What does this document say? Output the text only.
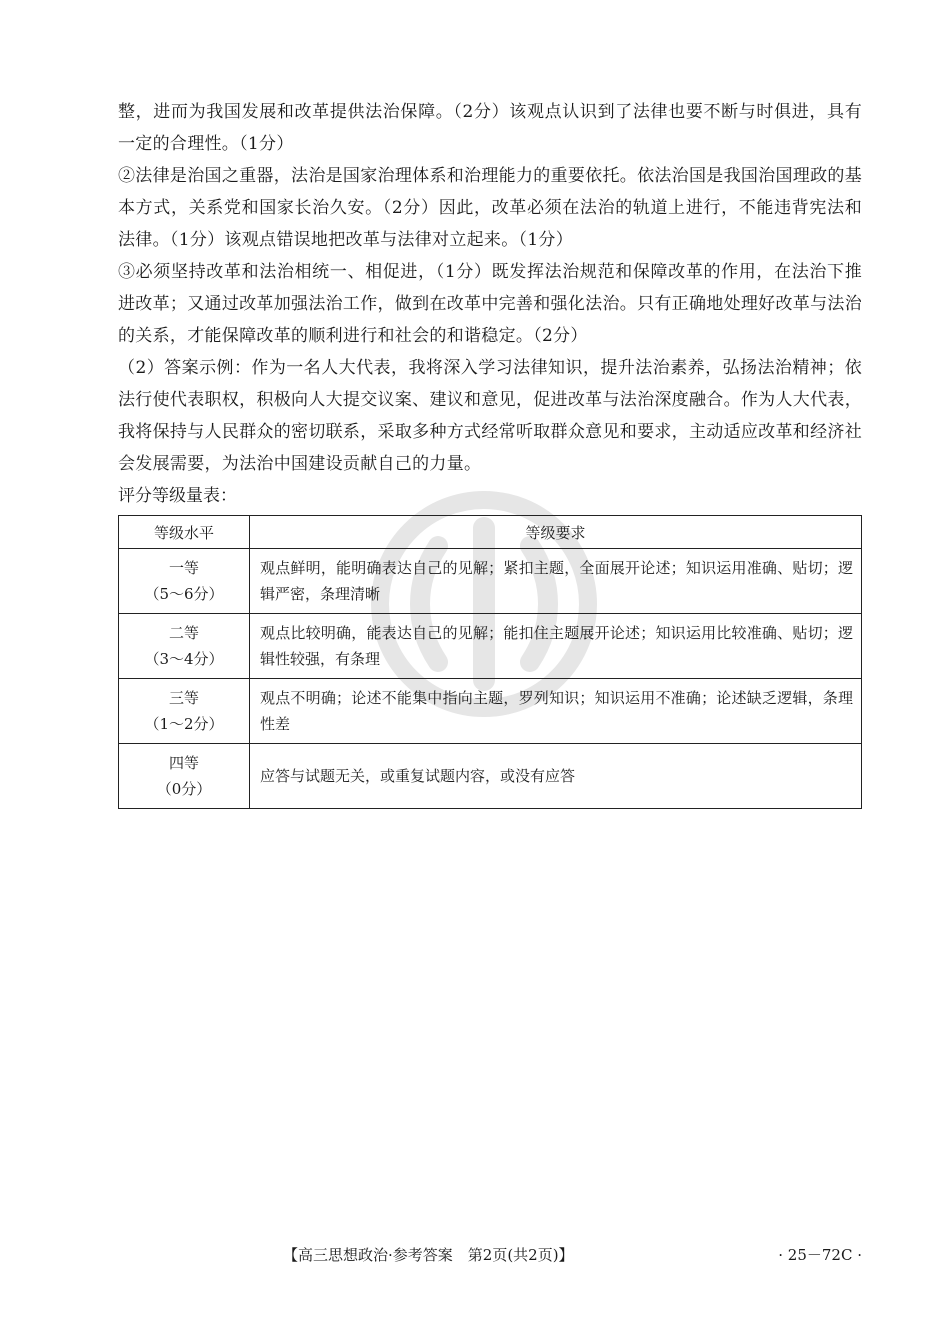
整，进而为我国发展和改革提供法治保障。（2分）该观点认识到了法律也要不断与时俱进，具有一定的合理性。（1分）

②法律是治国之重器，法治是国家治理体系和治理能力的重要依托。依法治国是我国治国理政的基本方式，关系党和国家长治久安。（2分）因此，改革必须在法治的轨道上进行，不能违背宪法和法律。（1分）该观点错误地把改革与法律对立起来。（1分）

③必须坚持改革和法治相统一、相促进，（1分）既发挥法治规范和保障改革的作用，在法治下推进改革；又通过改革加强法治工作，做到在改革中完善和强化法治。只有正确地处理好改革与法治的关系，才能保障改革的顺利进行和社会的和谐稳定。（2分）

（2）答案示例：作为一名人大代表，我将深入学习法律知识，提升法治素养，弘扬法治精神；依法行使代表职权，积极向人大提交议案、建议和意见，促进改革与法治深度融合。作为人大代表，我将保持与人民群众的密切联系，采取多种方式经常听取群众意见和要求，主动适应改革和经济社会发展需要，为法治中国建设贡献自己的力量。

评分等级量表：

等级水平	等级要求

一等
（5～6分）	观点鲜明，能明确表达自己的见解；紧扣主题，全面展开论述；知识运用准确、贴切；逻辑严密，条理清晰

二等
（3～4分）	观点比较明确，能表达自己的见解；能扣住主题展开论述；知识运用比较准确、贴切；逻辑性较强，有条理

三等
（1～2分）	观点不明确；论述不能集中指向主题，罗列知识；知识运用不准确；论述缺乏逻辑，条理性差

四等
（0分）	应答与试题无关，或重复试题内容，或没有应答
【高三思想政治·参考答案　第2页(共2页)】	· 25－72C ·
